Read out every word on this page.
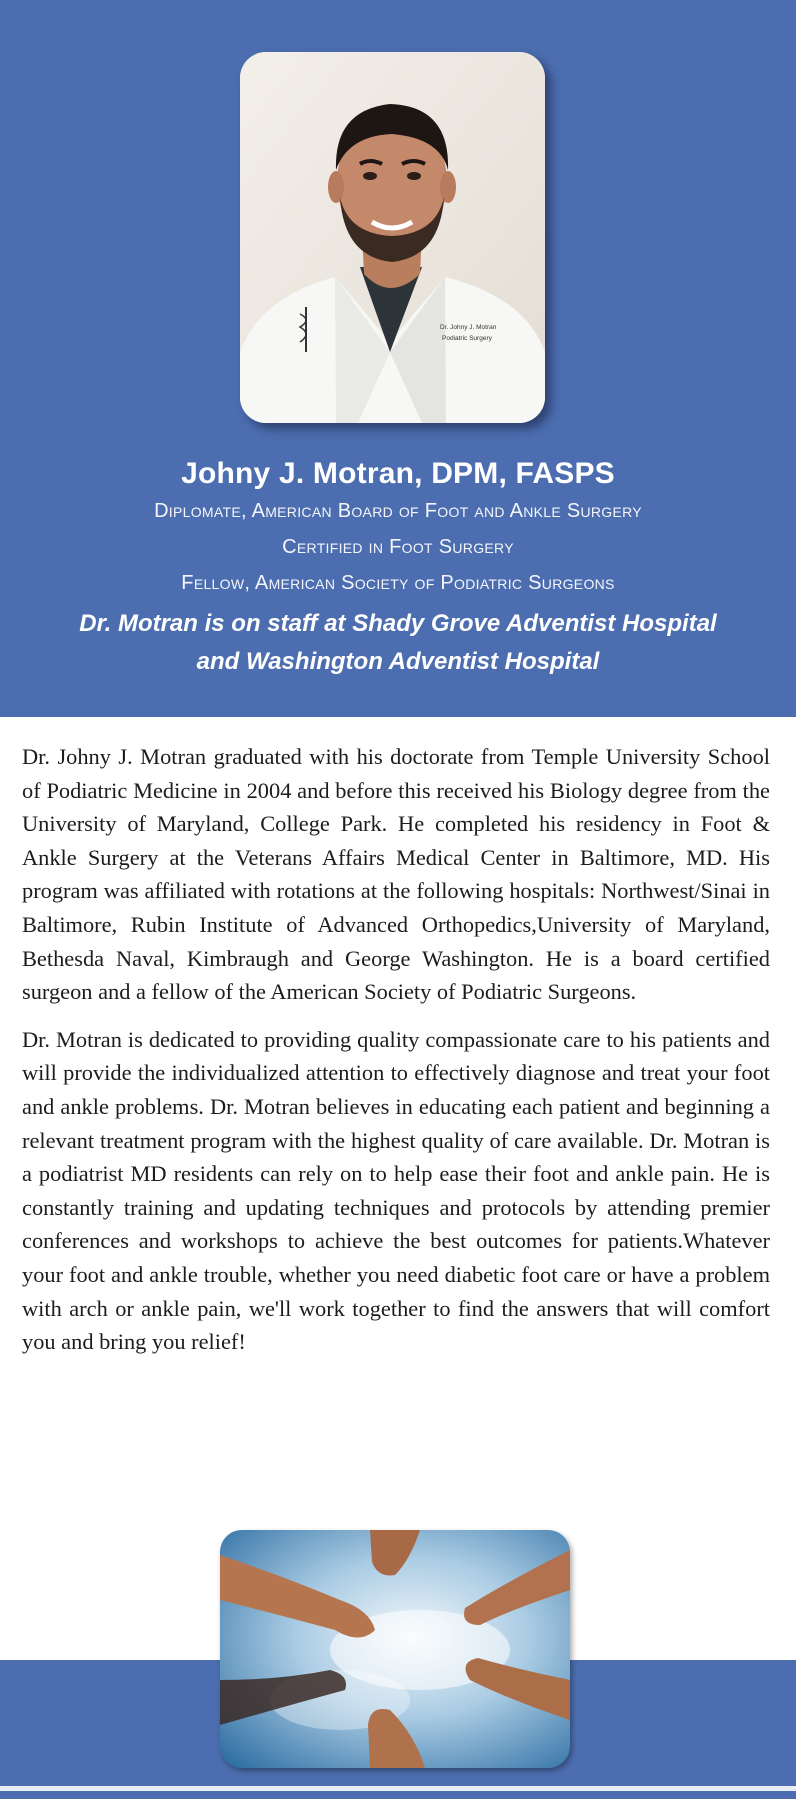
Dr. Johny J. Motran
Podiatric Surgery
Johny J. Motran, DPM, FASPS
Diplomate, American Board of Foot and Ankle Surgery
Certified in Foot Surgery
Fellow, American Society of Podiatric Surgeons
Dr. Motran is on staff at Shady Grove Adventist Hospital
and Washington Adventist Hospital

Dr. Johny J. Motran graduated with his doctorate from Temple University School of Podiatric Medicine in 2004 and before this received his Biology degree from the University of Maryland, College Park. He completed his residency in Foot & Ankle Surgery at the Veterans Affairs Medical Center in Baltimore, MD. His program was affiliated with rotations at the following hospitals: Northwest/Sinai in Baltimore, Rubin Institute of Advanced Orthopedics,University of Maryland, Bethesda Naval, Kimbraugh and George Washington. He is a board certified surgeon and a fellow of the American Society of Podiatric Surgeons.

Dr. Motran is dedicated to providing quality compassionate care to his patients and will provide the individualized attention to effectively diagnose and treat your foot and ankle problems. Dr. Motran believes in educating each patient and beginning a relevant treatment program with the highest quality of care available. Dr. Motran is a podiatrist MD residents can rely on to help ease their foot and ankle pain. He is constantly training and updating techniques and protocols by attending premier conferences and workshops to achieve the best outcomes for patients.Whatever your foot and ankle trouble, whether you need diabetic foot care or have a problem with arch or ankle pain, we'll work together to find the answers that will comfort you and bring you relief!
